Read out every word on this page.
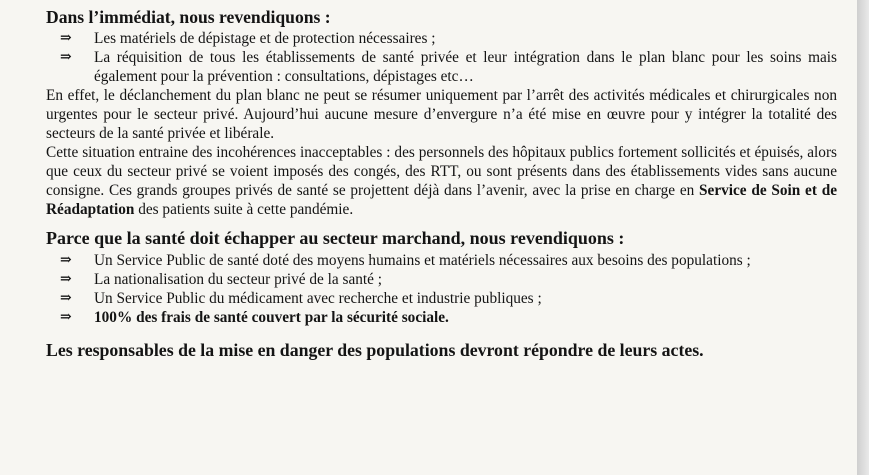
Dans l’immédiat, nous revendiquons :
⇒	Les matériels de dépistage et de protection nécessaires ;
⇒	La réquisition de tous les établissements de santé privée et leur intégration dans le plan blanc pour les soins mais également pour la prévention : consultations, dépistages etc…

En effet, le déclanchement du plan blanc ne peut se résumer uniquement par l’arrêt des activités médicales et chirurgicales non urgentes pour le secteur privé. Aujourd’hui aucune mesure d’envergure n’a été mise en œuvre pour y intégrer la totalité des secteurs de la santé privée et libérale.

Cette situation entraine des incohérences inacceptables : des personnels des hôpitaux publics fortement sollicités et épuisés, alors que ceux du secteur privé se voient imposés des congés, des RTT, ou sont présents dans des établissements vides sans aucune consigne. Ces grands groupes privés de santé se projettent déjà dans l’avenir, avec la prise en charge en Service de Soin et de Réadaptation des patients suite à cette pandémie.

Parce que la santé doit échapper au secteur marchand, nous revendiquons :
⇒	Un Service Public de santé doté des moyens humains et matériels nécessaires aux besoins des populations ;
⇒	La nationalisation du secteur privé de la santé ;
⇒	Un Service Public du médicament avec recherche et industrie publiques ;
⇒	100% des frais de santé couvert par la sécurité sociale.
Les responsables de la mise en danger des populations devront répondre de leurs actes.
